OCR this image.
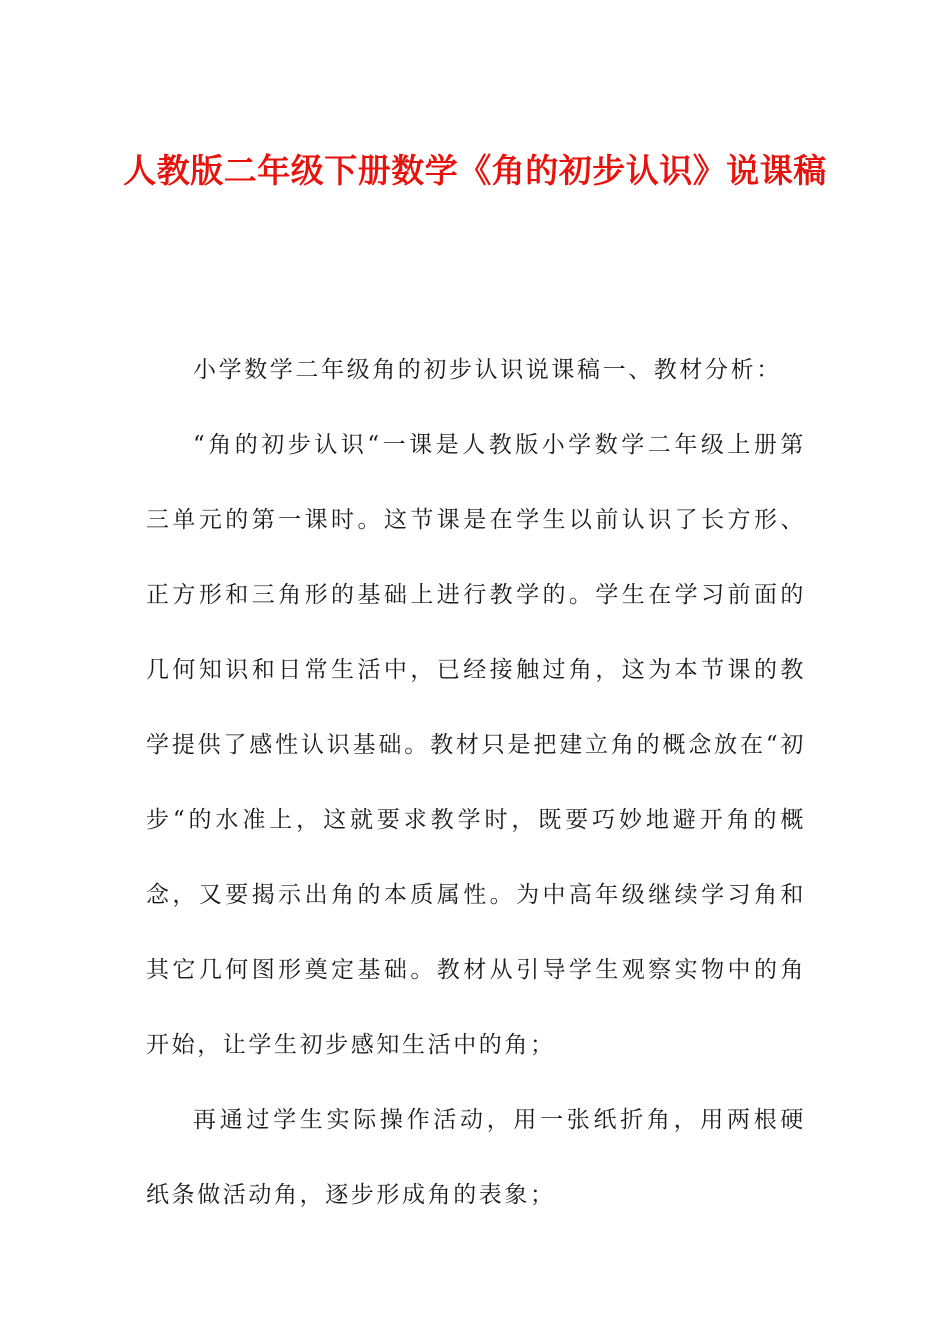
人教版二年级下册数学《角的初步认识》说课稿

小学数学二年级角的初步认识说课稿一、教材分析：

“角的初步认识“一课是人教版小学数学二年级上册第三单元的第一课时。这节课是在学生以前认识了长方形、正方形和三角形的基础上进行教学的。学生在学习前面的几何知识和日常生活中，已经接触过角，这为本节课的教学提供了感性认识基础。教材只是把建立角的概念放在“初步“的水准上，这就要求教学时，既要巧妙地避开角的概念，又要揭示出角的本质属性。为中高年级继续学习角和其它几何图形奠定基础。教材从引导学生观察实物中的角开始，让学生初步感知生活中的角；

再通过学生实际操作活动，用一张纸折角，用两根硬纸条做活动角，逐步形成角的表象；
